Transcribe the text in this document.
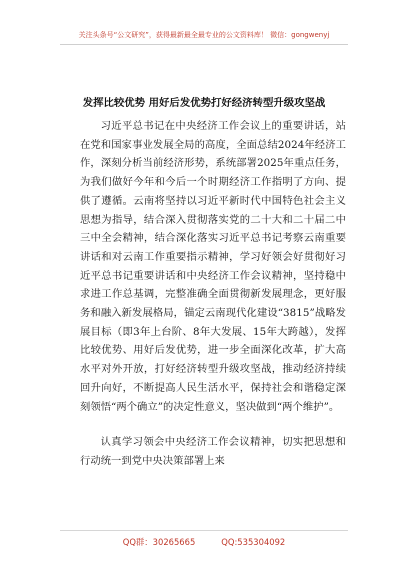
关注头条号“公文研究”，获得最新最全最专业的公文资料库！ 微信：gongwenyj
发挥比较优势 用好后发优势打好经济转型升级攻坚战

习近平总书记在中央经济工作会议上的重要讲话，站在党和国家事业发展全局的高度，全面总结2024年经济工作，深刻分析当前经济形势，系统部署2025年重点任务，为我们做好今年和今后一个时期经济工作指明了方向、提供了遵循。云南将坚持以习近平新时代中国特色社会主义思想为指导，结合深入贯彻落实党的二十大和二十届二中三中全会精神，结合深化落实习近平总书记考察云南重要讲话和对云南工作重要指示精神，学习好领会好贯彻好习近平总书记重要讲话和中央经济工作会议精神，坚持稳中求进工作总基调，完整准确全面贯彻新发展理念，更好服务和融入新发展格局，锚定云南现代化建设“3815”战略发展目标（即3年上台阶、8年大发展、15年大跨越），发挥比较优势、用好后发优势，进一步全面深化改革，扩大高水平对外开放，打好经济转型升级攻坚战，推动经济持续回升向好，不断提高人民生活水平，保持社会和谐稳定深刻领悟“两个确立”的决定性意义，坚决做到“两个维护”。

认真学习领会中央经济工作会议精神，切实把思想和行动统一到党中央决策部署上来

QQ群：30265665	QQ:535304092
